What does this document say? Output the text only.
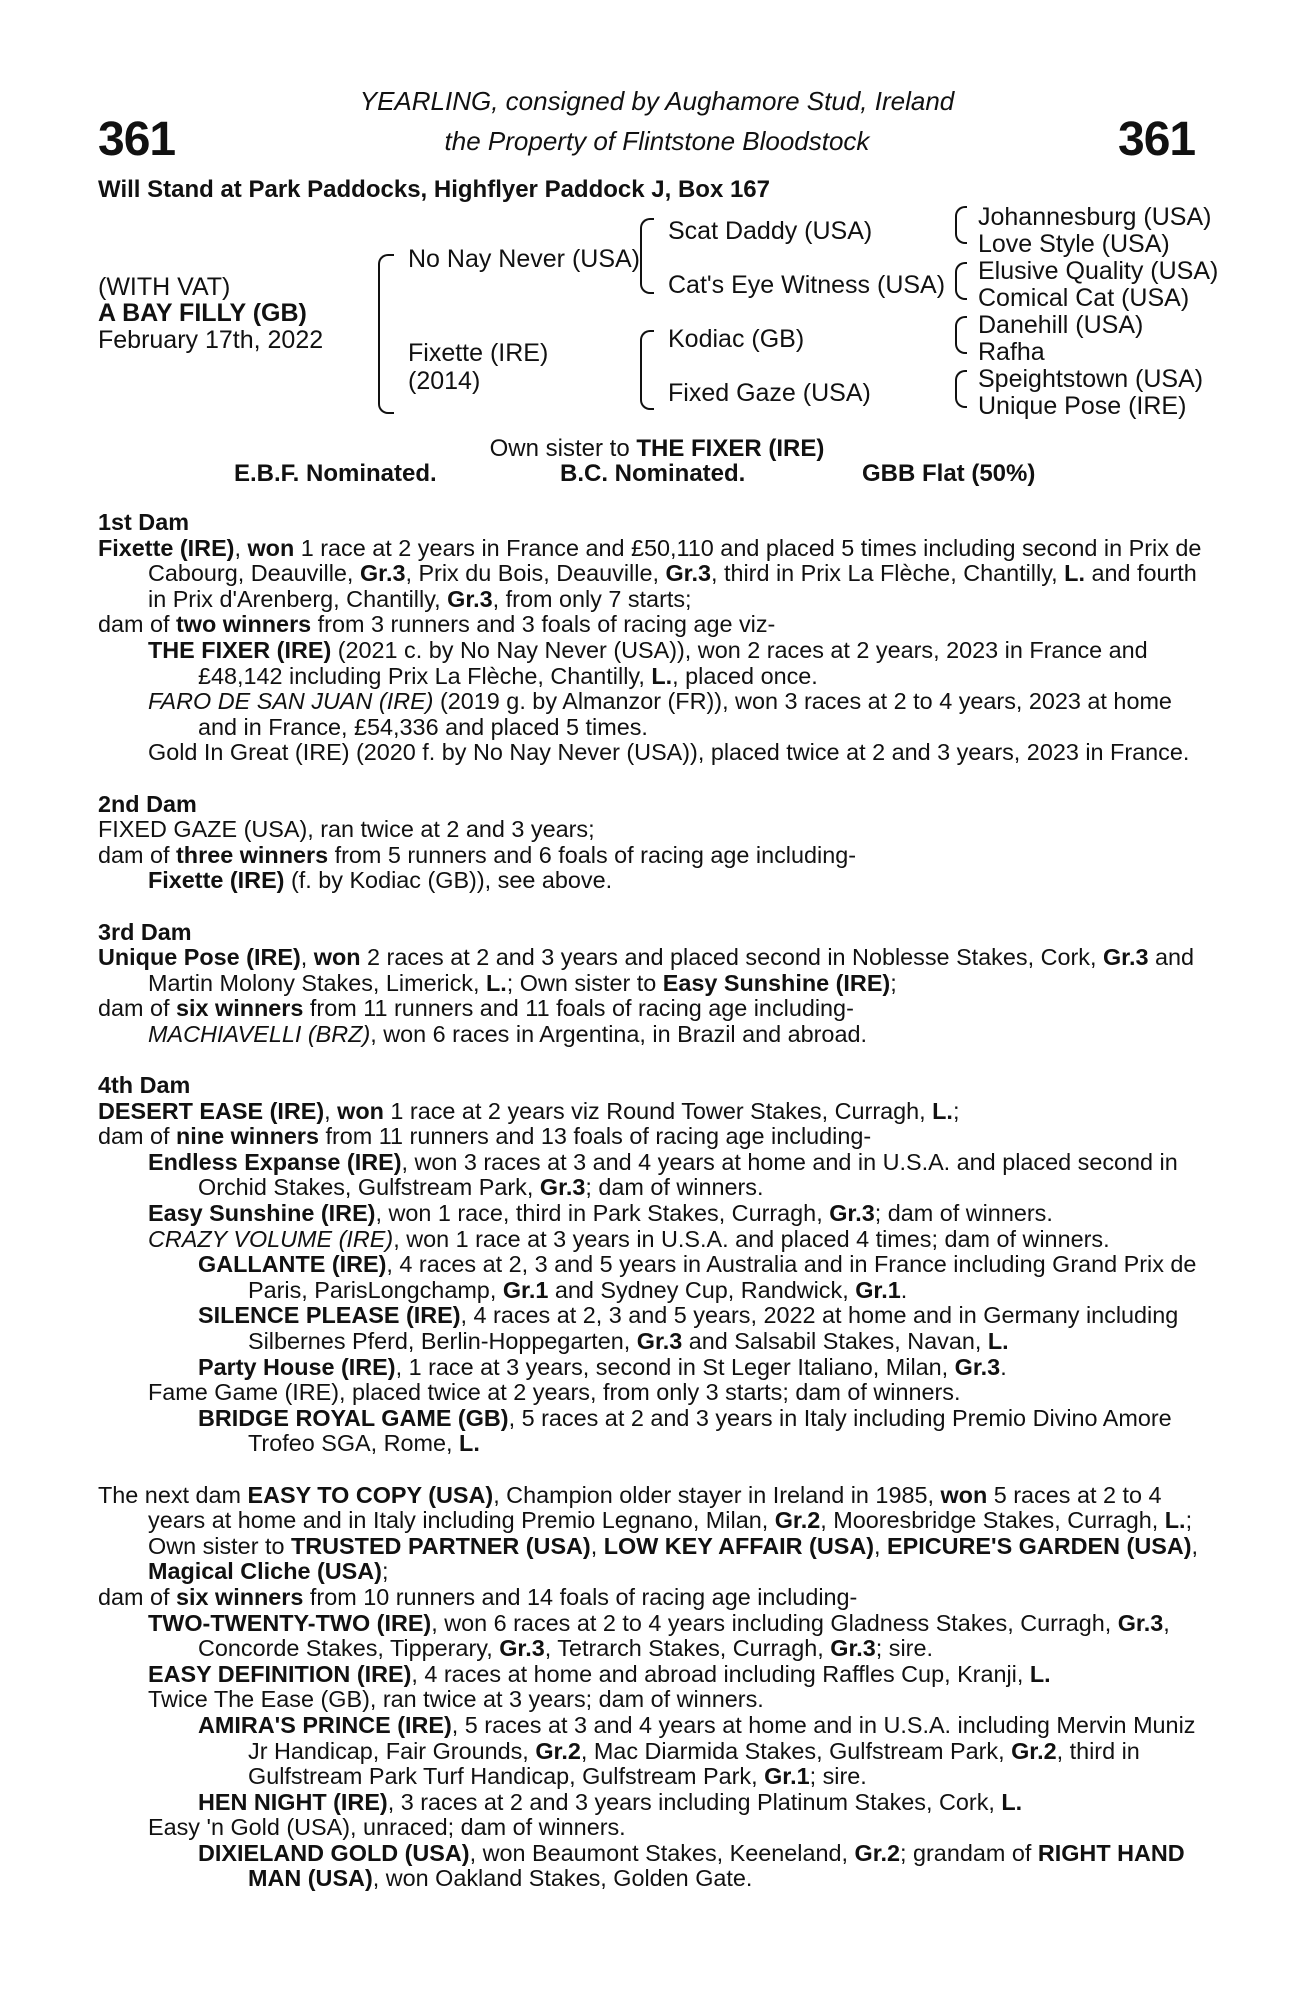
361	361
YEARLING, consigned by Aughamore Stud, Ireland
the Property of Flintstone Bloodstock
Will Stand at Park Paddocks, Highflyer Paddock J, Box 167
(WITH VAT)
A BAY FILLY (GB)
February 17th, 2022
No Nay Never (USA)
Fixette (IRE)
(2014)
Scat Daddy (USA)
Cat's Eye Witness (USA)
Kodiac (GB)
Fixed Gaze (USA)
Johannesburg (USA)
Love Style (USA)
Elusive Quality (USA)
Comical Cat (USA)
Danehill (USA)
Rafha
Speightstown (USA)
Unique Pose (IRE)
Own sister to THE FIXER (IRE)
E.B.F. Nominated.	B.C. Nominated.	GBB Flat (50%)

1st Dam

Fixette (IRE), won 1 race at 2 years in France and £50,110 and placed 5 times including second in Prix de Cabourg, Deauville, Gr.3, Prix du Bois, Deauville, Gr.3, third in Prix La Flèche, Chantilly, L. and fourth in Prix d'Arenberg, Chantilly, Gr.3, from only 7 starts;

dam of two winners from 3 runners and 3 foals of racing age viz-

THE FIXER (IRE) (2021 c. by No Nay Never (USA)), won 2 races at 2 years, 2023 in France and £48,142 including Prix La Flèche, Chantilly, L., placed once.

FARO DE SAN JUAN (IRE) (2019 g. by Almanzor (FR)), won 3 races at 2 to 4 years, 2023 at home and in France, £54,336 and placed 5 times.

Gold In Great (IRE) (2020 f. by No Nay Never (USA)), placed twice at 2 and 3 years, 2023 in France.

2nd Dam

FIXED GAZE (USA), ran twice at 2 and 3 years;

dam of three winners from 5 runners and 6 foals of racing age including-

Fixette (IRE) (f. by Kodiac (GB)), see above.

3rd Dam

Unique Pose (IRE), won 2 races at 2 and 3 years and placed second in Noblesse Stakes, Cork, Gr.3 and Martin Molony Stakes, Limerick, L.; Own sister to Easy Sunshine (IRE);

dam of six winners from 11 runners and 11 foals of racing age including-

MACHIAVELLI (BRZ), won 6 races in Argentina, in Brazil and abroad.

4th Dam

DESERT EASE (IRE), won 1 race at 2 years viz Round Tower Stakes, Curragh, L.;

dam of nine winners from 11 runners and 13 foals of racing age including-

Endless Expanse (IRE), won 3 races at 3 and 4 years at home and in U.S.A. and placed second in Orchid Stakes, Gulfstream Park, Gr.3; dam of winners.

Easy Sunshine (IRE), won 1 race, third in Park Stakes, Curragh, Gr.3; dam of winners.

CRAZY VOLUME (IRE), won 1 race at 3 years in U.S.A. and placed 4 times; dam of winners.

GALLANTE (IRE), 4 races at 2, 3 and 5 years in Australia and in France including Grand Prix de Paris, ParisLongchamp, Gr.1 and Sydney Cup, Randwick, Gr.1.

SILENCE PLEASE (IRE), 4 races at 2, 3 and 5 years, 2022 at home and in Germany including Silbernes Pferd, Berlin-Hoppegarten, Gr.3 and Salsabil Stakes, Navan, L.

Party House (IRE), 1 race at 3 years, second in St Leger Italiano, Milan, Gr.3.

Fame Game (IRE), placed twice at 2 years, from only 3 starts; dam of winners.

BRIDGE ROYAL GAME (GB), 5 races at 2 and 3 years in Italy including Premio Divino Amore Trofeo SGA, Rome, L.

The next dam EASY TO COPY (USA), Champion older stayer in Ireland in 1985, won 5 races at 2 to 4 years at home and in Italy including Premio Legnano, Milan, Gr.2, Mooresbridge Stakes, Curragh, L.; Own sister to TRUSTED PARTNER (USA), LOW KEY AFFAIR (USA), EPICURE'S GARDEN (USA), Magical Cliche (USA);

dam of six winners from 10 runners and 14 foals of racing age including-

TWO-TWENTY-TWO (IRE), won 6 races at 2 to 4 years including Gladness Stakes, Curragh, Gr.3, Concorde Stakes, Tipperary, Gr.3, Tetrarch Stakes, Curragh, Gr.3; sire.

EASY DEFINITION (IRE), 4 races at home and abroad including Raffles Cup, Kranji, L.

Twice The Ease (GB), ran twice at 3 years; dam of winners.

AMIRA'S PRINCE (IRE), 5 races at 3 and 4 years at home and in U.S.A. including Mervin Muniz Jr Handicap, Fair Grounds, Gr.2, Mac Diarmida Stakes, Gulfstream Park, Gr.2, third in Gulfstream Park Turf Handicap, Gulfstream Park, Gr.1; sire.

HEN NIGHT (IRE), 3 races at 2 and 3 years including Platinum Stakes, Cork, L.

Easy 'n Gold (USA), unraced; dam of winners.

DIXIELAND GOLD (USA), won Beaumont Stakes, Keeneland, Gr.2; grandam of RIGHT HAND MAN (USA), won Oakland Stakes, Golden Gate.
